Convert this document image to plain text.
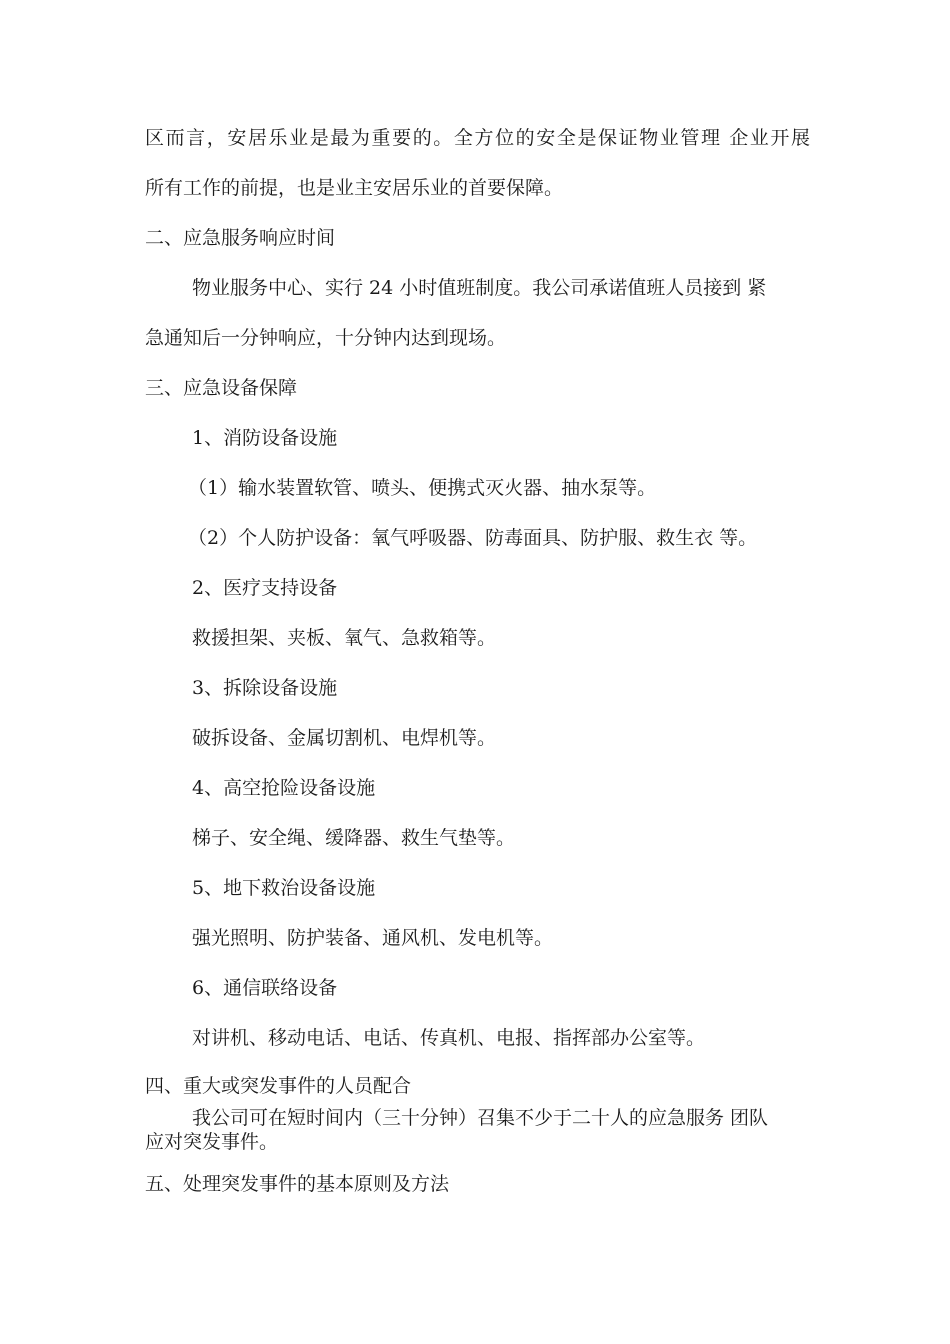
区而言，安居乐业是最为重要的。全方位的安全是保证物业管理 企业开展

所有工作的前提，也是业主安居乐业的首要保障。

二、应急服务响应时间

物业服务中心、实行 24 小时值班制度。我公司承诺值班人员接到 紧

急通知后一分钟响应，十分钟内达到现场。

三、应急设备保障

1、消防设备设施

（1）输水装置软管、喷头、便携式灭火器、抽水泵等。

（2）个人防护设备：氧气呼吸器、防毒面具、防护服、救生衣 等。

2、医疗支持设备

救援担架、夹板、氧气、急救箱等。

3、拆除设备设施

破拆设备、金属切割机、电焊机等。

4、高空抢险设备设施

梯子、安全绳、缓降器、救生气垫等。

5、地下救治设备设施

强光照明、防护装备、通风机、发电机等。

6、通信联络设备

对讲机、移动电话、电话、传真机、电报、指挥部办公室等。

四、重大或突发事件的人员配合

我公司可在短时间内（三十分钟）召集不少于二十人的应急服务 团队

应对突发事件。

五、处理突发事件的基本原则及方法
